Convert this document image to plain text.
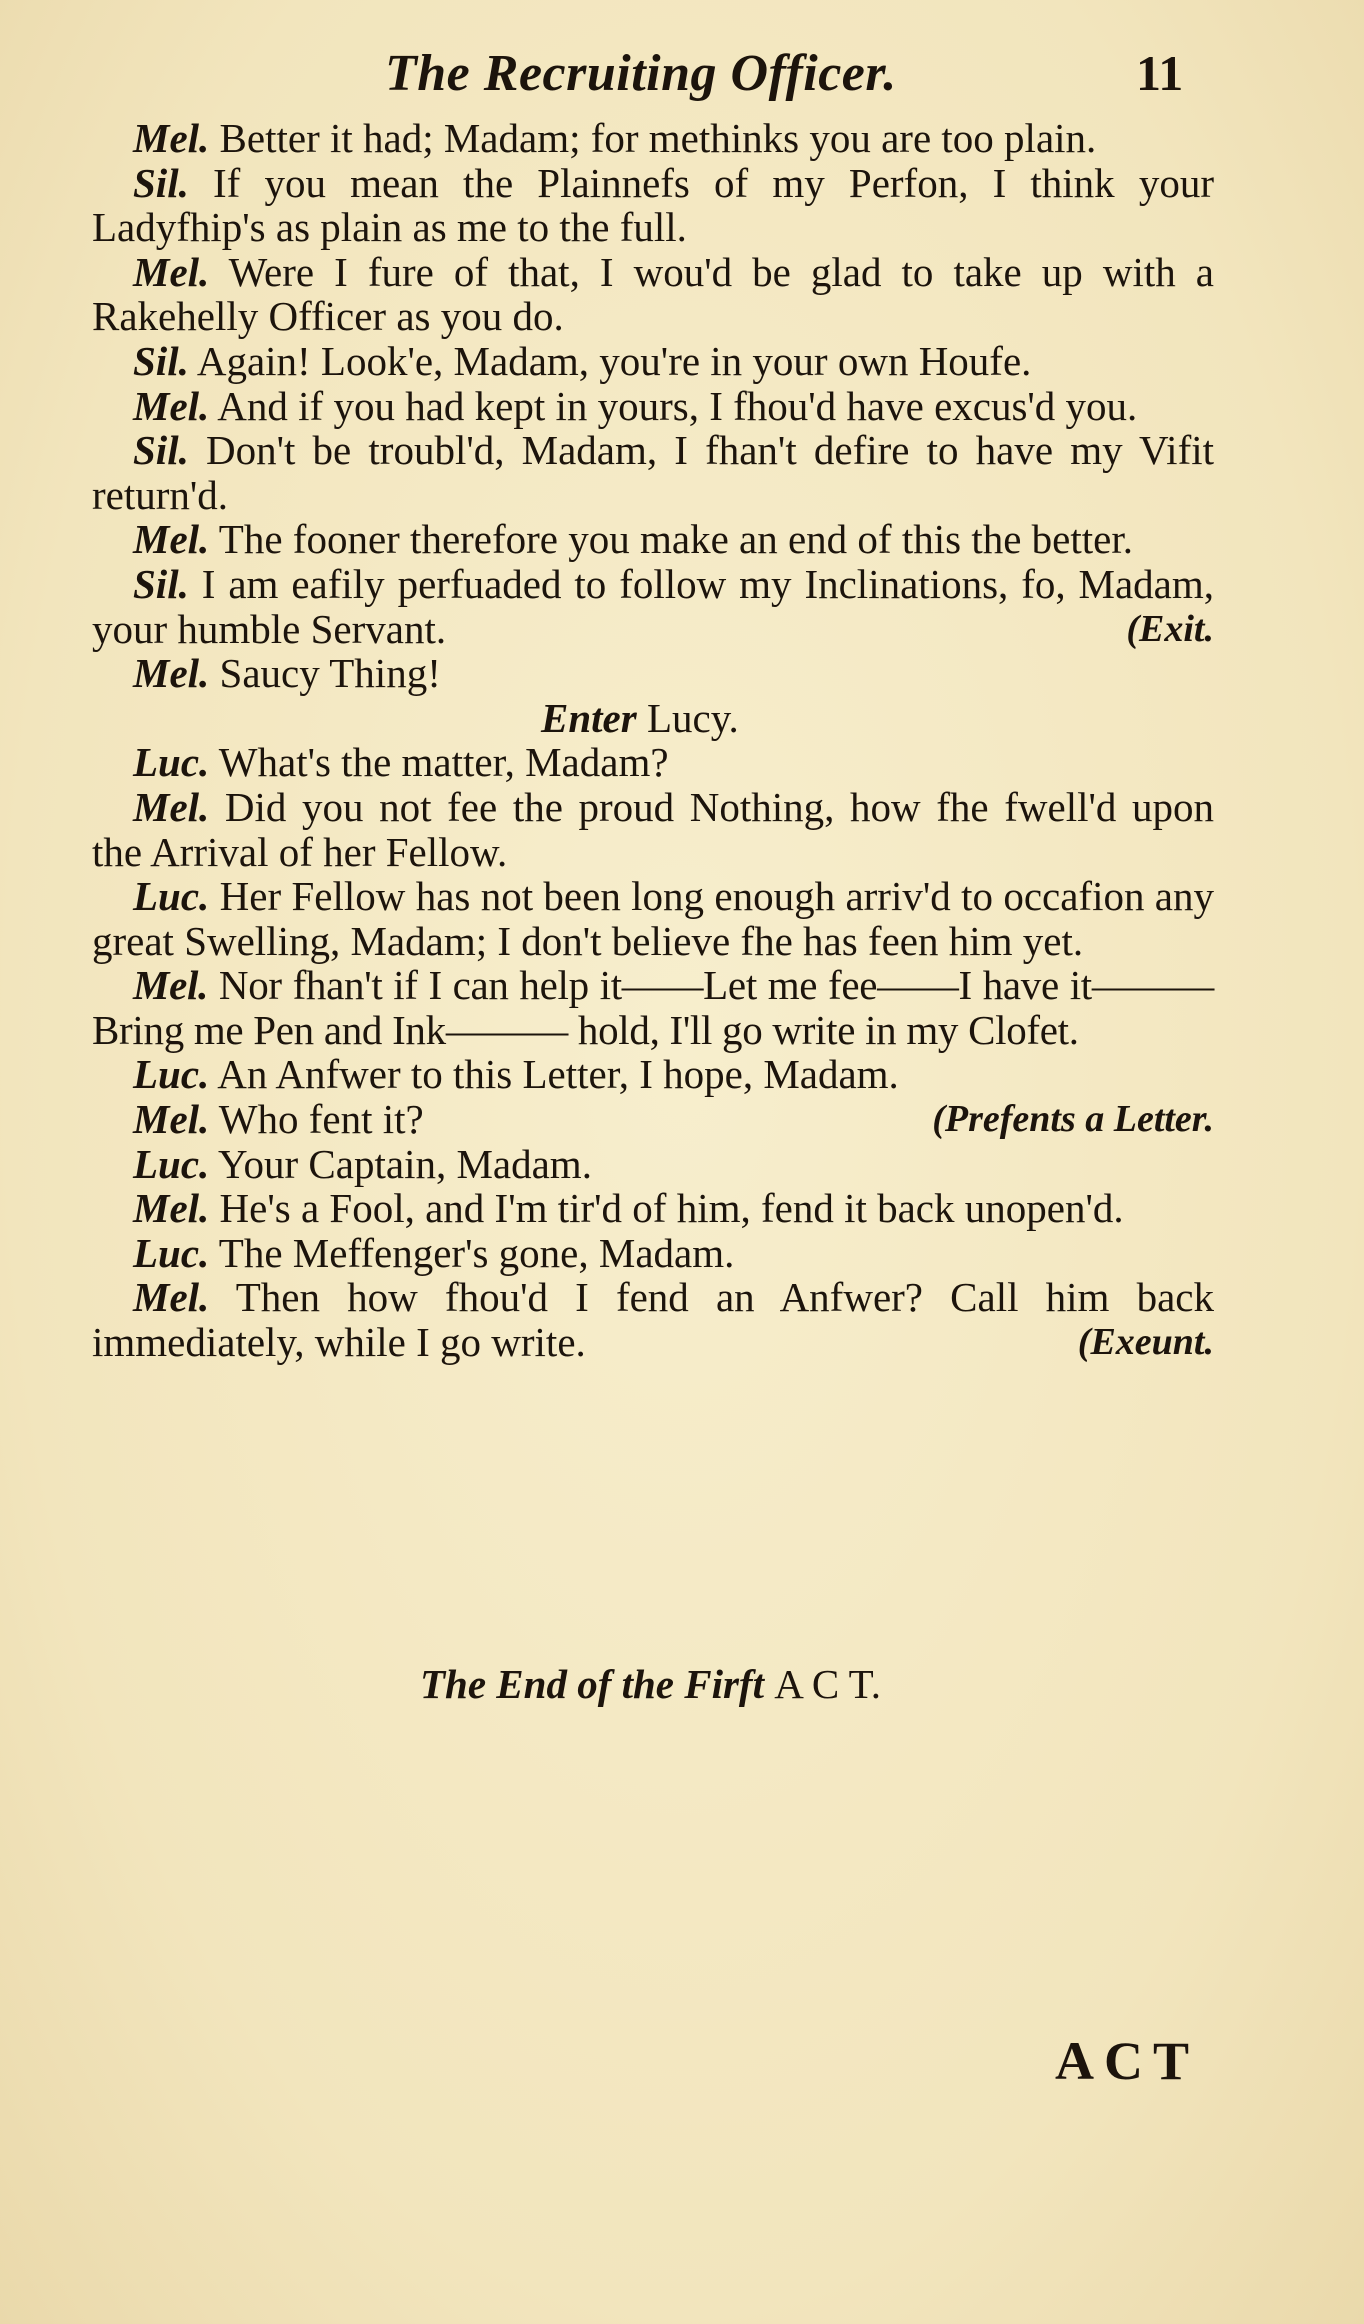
The Recruiting Officer.	11

Mel. Better it had; Madam; for methinks you are too plain.

Sil. If you mean the Plainnefs of my Perfon, I think your Ladyfhip's as plain as me to the full.

Mel. Were I fure of that, I wou'd be glad to take up with a Rakehelly Officer as you do.

Sil. Again! Look'e, Madam, you're in your own Houfe.

Mel. And if you had kept in yours, I fhou'd have excus'd you.

Sil. Don't be troubl'd, Madam, I fhan't defire to have my Vifit return'd.

Mel. The fooner therefore you make an end of this the better.

Sil. I am eafily perfuaded to follow my Inclinations, fo, Madam, your humble Servant.	(Exit.

Mel. Saucy Thing!

Enter Lucy.

Luc. What's the matter, Madam?

Mel. Did you not fee the proud Nothing, how fhe fwell'd upon the Arrival of her Fellow.

Luc. Her Fellow has not been long enough arriv'd to occafion any great Swelling, Madam; I don't believe fhe has feen him yet.

Mel. Nor fhan't if I can help it——Let me fee——I have it———Bring me Pen and Ink——— hold, I'll go write in my Clofet.

Luc. An Anfwer to this Letter, I hope, Madam.

Mel. Who fent it?	(Prefents a Letter.

Luc. Your Captain, Madam.

Mel. He's a Fool, and I'm tir'd of him, fend it back unopen'd.

Luc. The Meffenger's gone, Madam.

Mel. Then how fhou'd I fend an Anfwer? Call him back immediately, while I go write.	(Exeunt.

The End of the Firft A C T.
ACT
